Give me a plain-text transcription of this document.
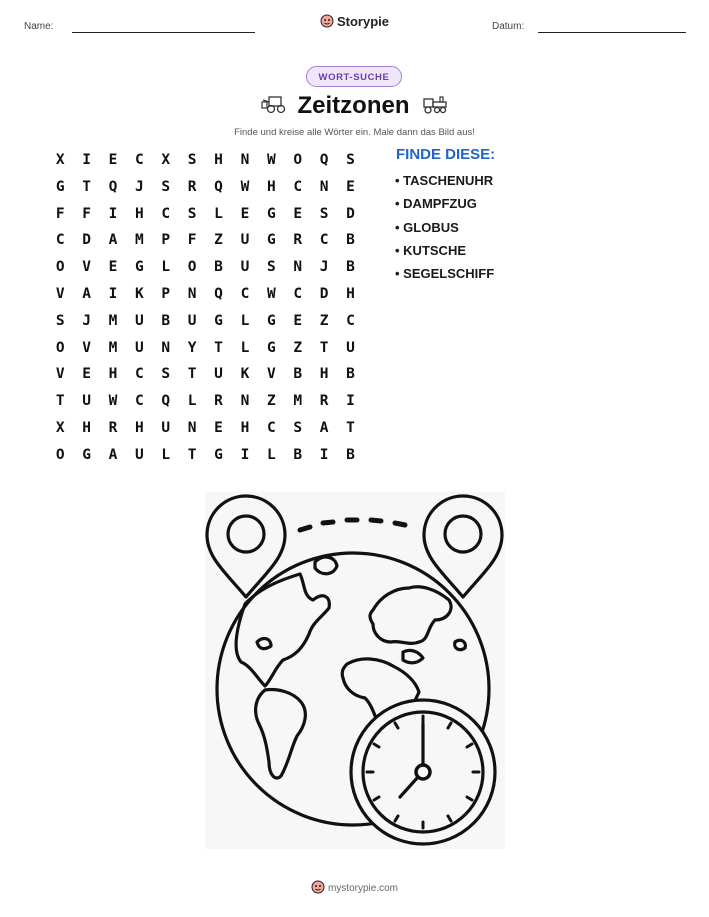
Name:	Storypie	Datum:
WORT-SUCHE
Zeitzonen
Finde und kreise alle Wörter ein. Male dann das Bild aus!
X	I	E	C	X	S	H	N	W	O	Q	S
G	T	Q	J	S	R	Q	W	H	C	N	E
F	F	I	H	C	S	L	E	G	E	S	D
C	D	A	M	P	F	Z	U	G	R	C	B
O	V	E	G	L	O	B	U	S	N	J	B
V	A	I	K	P	N	Q	C	W	C	D	H
S	J	M	U	B	U	G	L	G	E	Z	C
O	V	M	U	N	Y	T	L	G	Z	T	U
V	E	H	C	S	T	U	K	V	B	H	B
T	U	W	C	Q	L	R	N	Z	M	R	I
X	H	R	H	U	N	E	H	C	S	A	T
O	G	A	U	L	T	G	I	L	B	I	B
FINDE DIESE:
• TASCHENUHR
• DAMPFZUG
• GLOBUS
• KUTSCHE
• SEGELSCHIFF
mystorypie.com
